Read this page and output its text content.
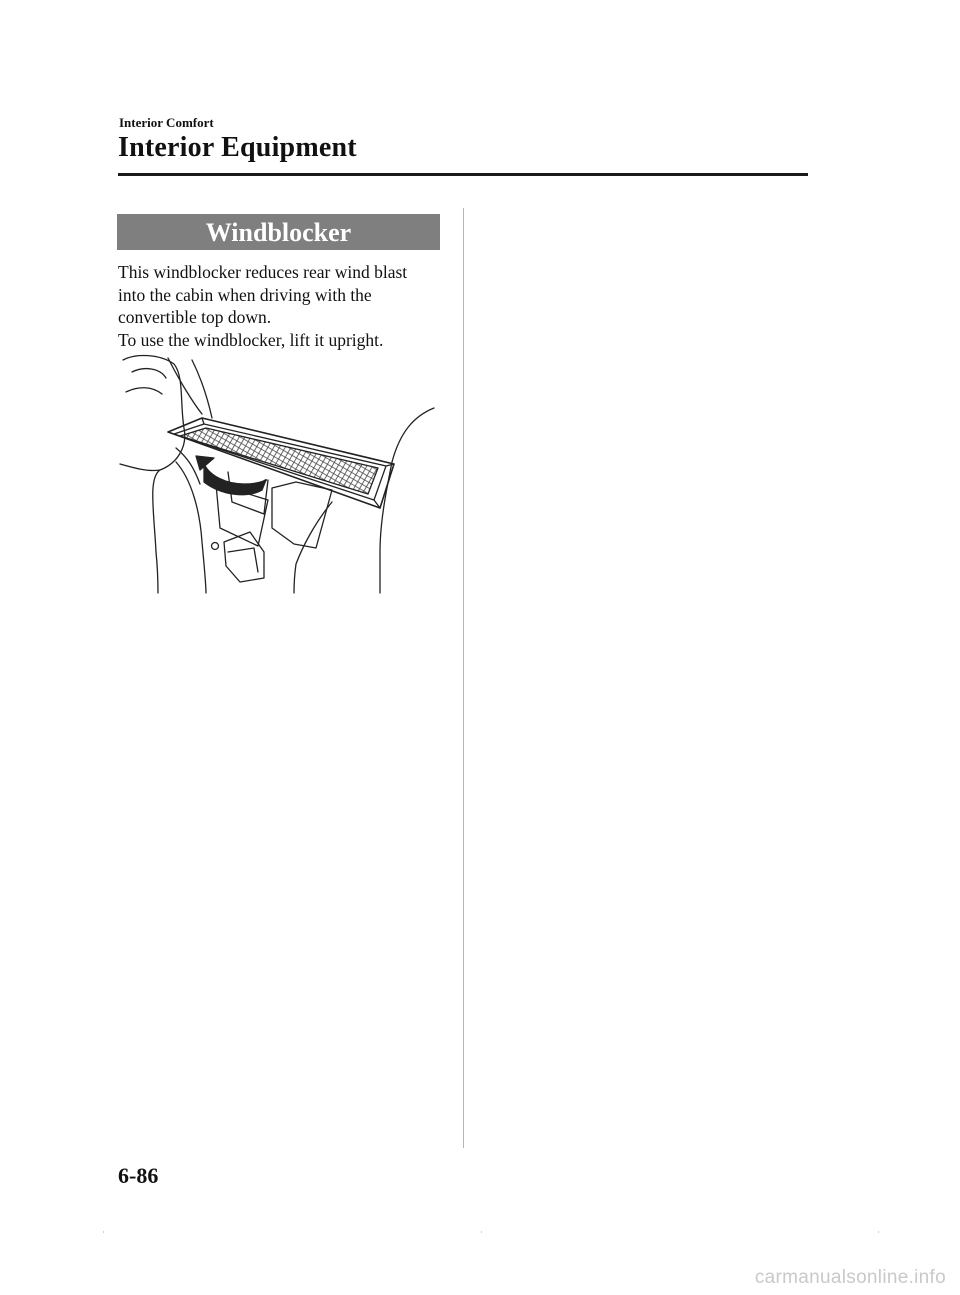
Interior Comfort
Interior Equipment
Windblocker
This windblocker reduces rear wind blast
into the cabin when driving with the
convertible top down.
To use the windblocker, lift it upright.
6-86
carmanualsonline.info
